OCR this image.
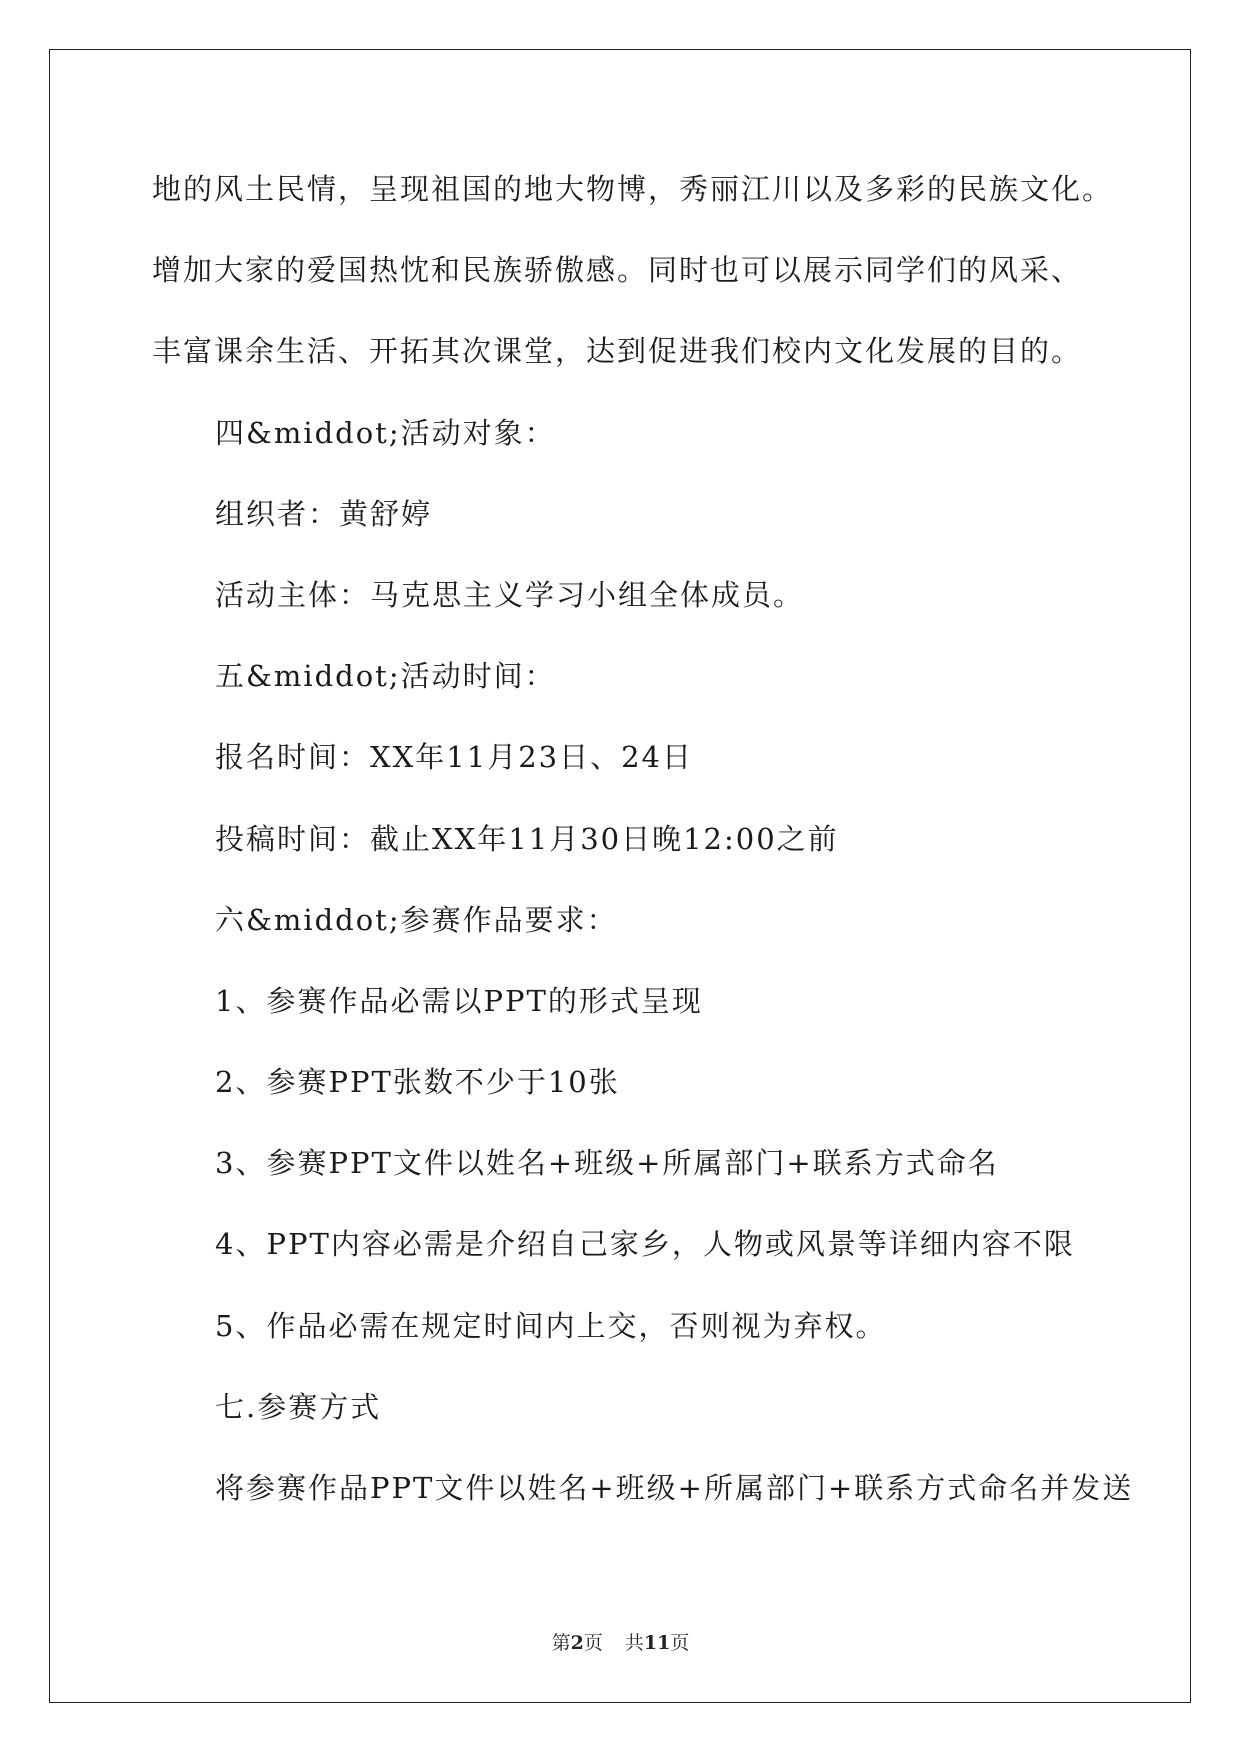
地的风土民情，呈现祖国的地大物博，秀丽江川以及多彩的民族文化。

增加大家的爱国热忱和民族骄傲感。同时也可以展示同学们的风采、

丰富课余生活、开拓其次课堂，达到促进我们校内文化发展的目的。

四&middot;活动对象：

组织者：黄舒婷

活动主体：马克思主义学习小组全体成员。

五&middot;活动时间：

报名时间：XX年11月23日、24日

投稿时间：截止XX年11月30日晚12:00之前

六&middot;参赛作品要求：

1、参赛作品必需以PPT的形式呈现

2、参赛PPT张数不少于10张

3、参赛PPT文件以姓名+班级+所属部门+联系方式命名

4、PPT内容必需是介绍自己家乡，人物或风景等详细内容不限

5、作品必需在规定时间内上交，否则视为弃权。

七.参赛方式

将参赛作品PPT文件以姓名+班级+所属部门+联系方式命名并发送

第2页 共11页
